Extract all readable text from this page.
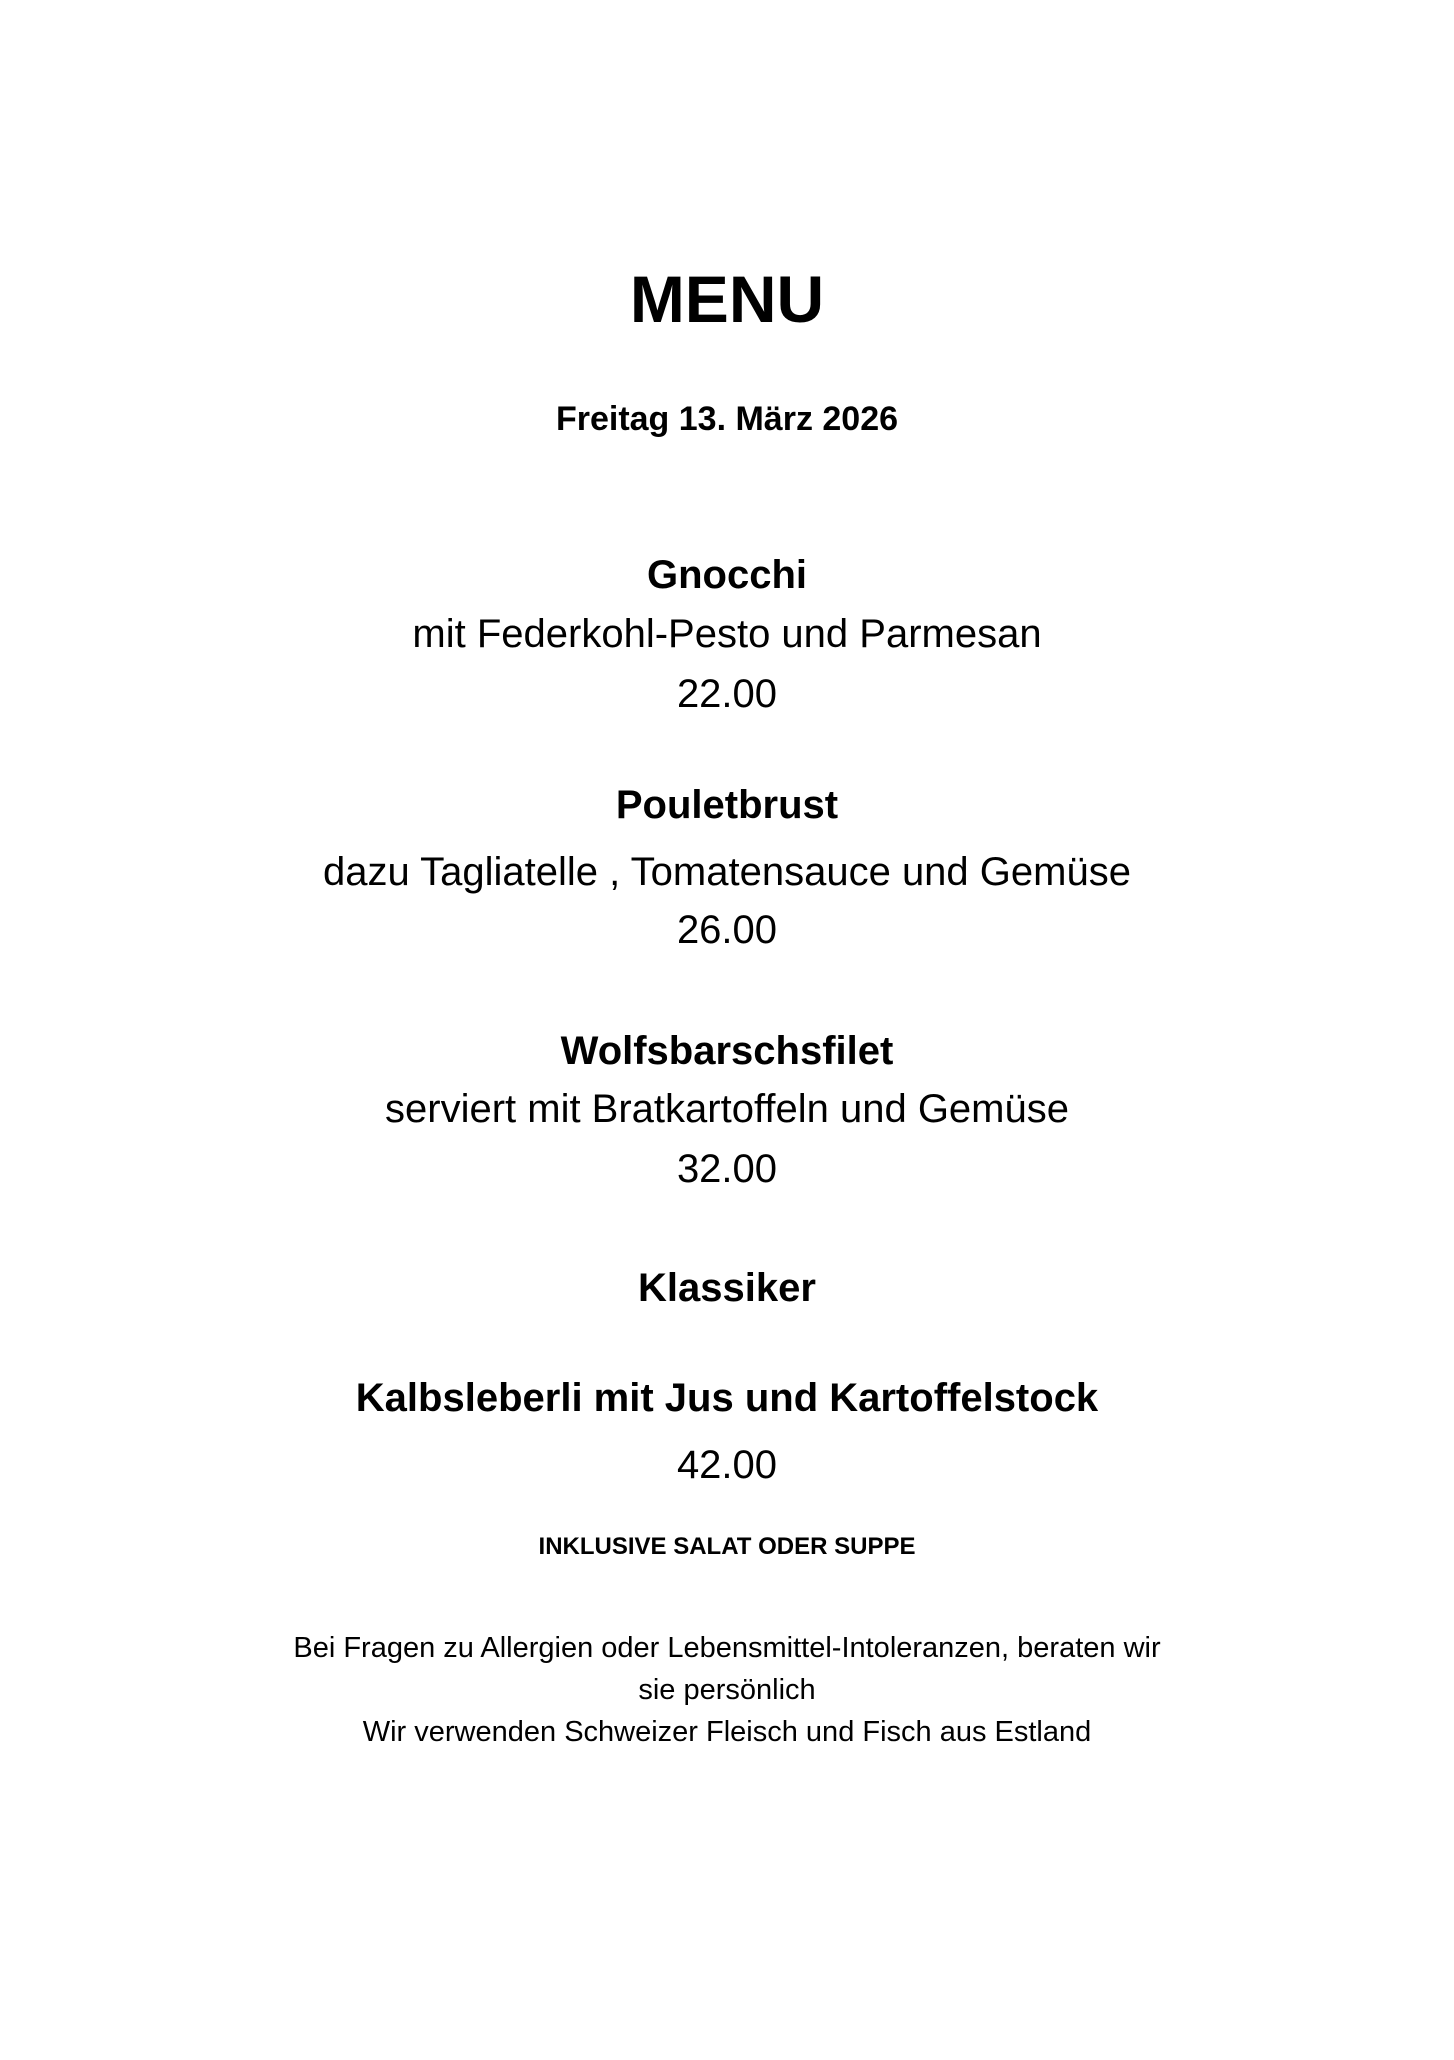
MENU
Freitag 13. März 2026
Gnocchi
mit Federkohl-Pesto und Parmesan
22.00
Pouletbrust
dazu Tagliatelle , Tomatensauce und Gemüse
26.00
Wolfsbarschsfilet
serviert mit Bratkartoffeln und Gemüse
32.00
Klassiker
Kalbsleberli mit Jus und Kartoffelstock
42.00
INKLUSIVE SALAT ODER SUPPE
Bei Fragen zu Allergien oder Lebensmittel-Intoleranzen, beraten wir
sie persönlich
Wir verwenden Schweizer Fleisch und Fisch aus Estland
